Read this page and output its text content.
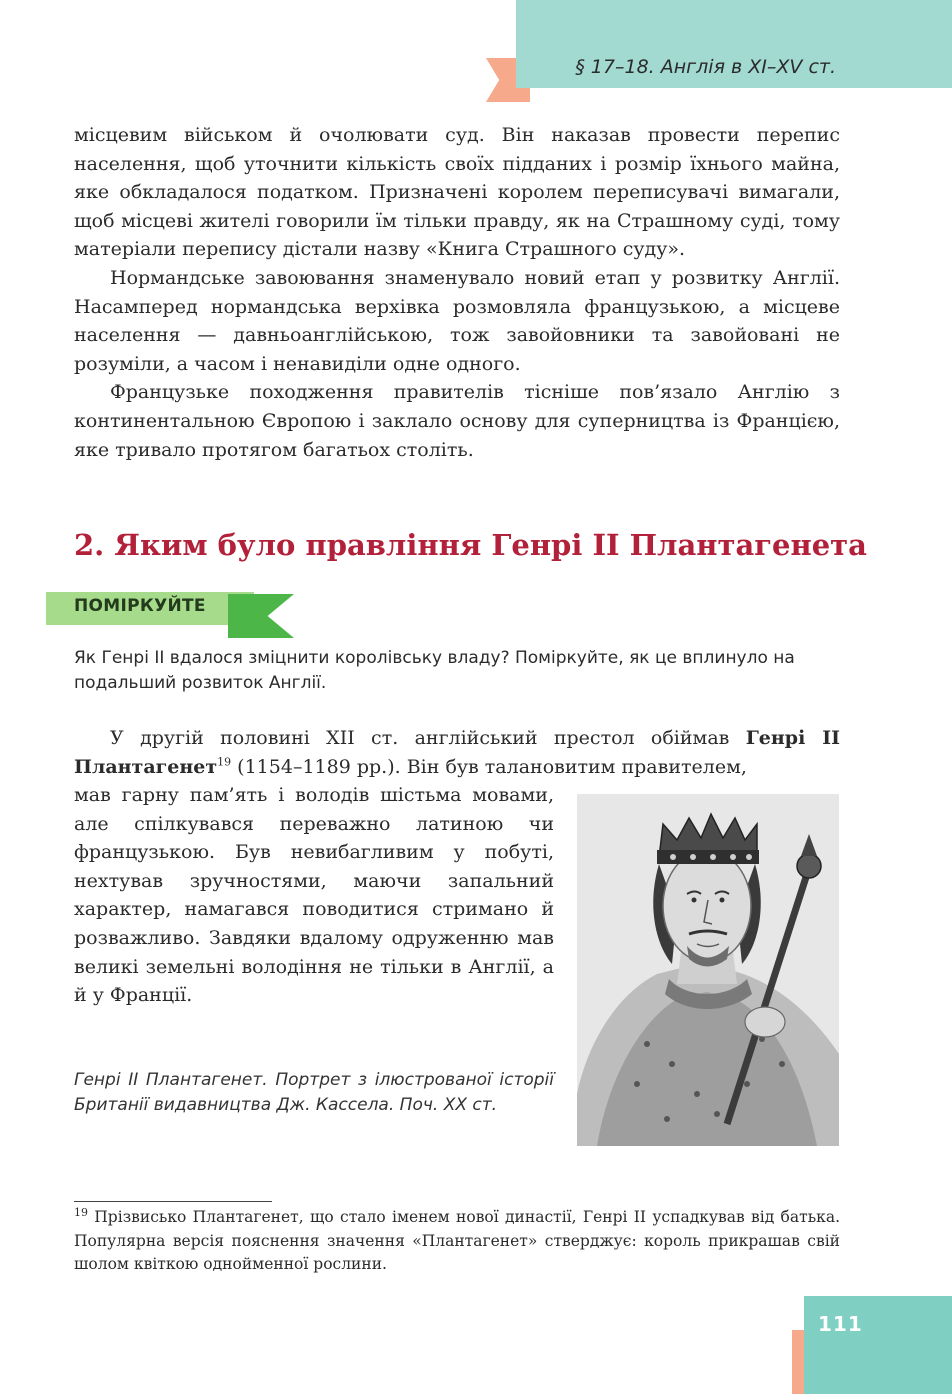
§ 17–18. Англія в XI–XV ст.

місцевим військом й очолювати суд. Він наказав провести перепис населення, щоб уточнити кількість своїх підданих і розмір їхнього майна, яке обкладалося податком. Призначені королем переписувачі вимагали, щоб місцеві жителі говорили їм тільки правду, як на Страшному суді, тому матеріали перепису дістали назву «Книга Страшного суду».

Нормандське завоювання знаменувало новий етап у розвитку Англії. Насамперед нормандська верхівка розмовляла французькою, а місцеве населення — давньоанглійською, тож завойовники та завойовані не розуміли, а часом і ненавиділи одне одного.

Французьке походження правителів тісніше пов’язало Англію з континентальною Європою і заклало основу для суперництва із Францією, яке тривало протягом багатьох століть.

2. Яким було правління Генрі II Плантагенета
ПОМІРКУЙТЕ

Як Генрі II вдалося зміцнити королівську владу? Поміркуйте, як це вплинуло на подальший розвиток Англії.

У другій половині XII ст. англійський престол обіймав Генрі II Плантагенет$^{19}$ (1154–1189 рр.). Він був талановитим правителем,

мав гарну пам’ять і володів шістьма мовами, але спілкувався переважно латиною чи французькою. Був невибагливим у побуті, нехтував зручностями, маючи запальний характер, намагався поводитися стримано й розважливо. Завдяки вдалому одруженню мав великі земельні володіння не тільки в Англії, а й у Франції.

Генрі II Плантагенет. Портрет з ілюстрованої історії Британії видавництва Дж. Кассела. Поч. XX ст.

$^{19}$ Прізвисько Плантагенет, що стало іменем нової династії, Генрі II успадкував від батька. Популярна версія пояснення значення «Плантагенет» стверджує: король прикрашав свій шолом квіткою однойменної рослини.

111
